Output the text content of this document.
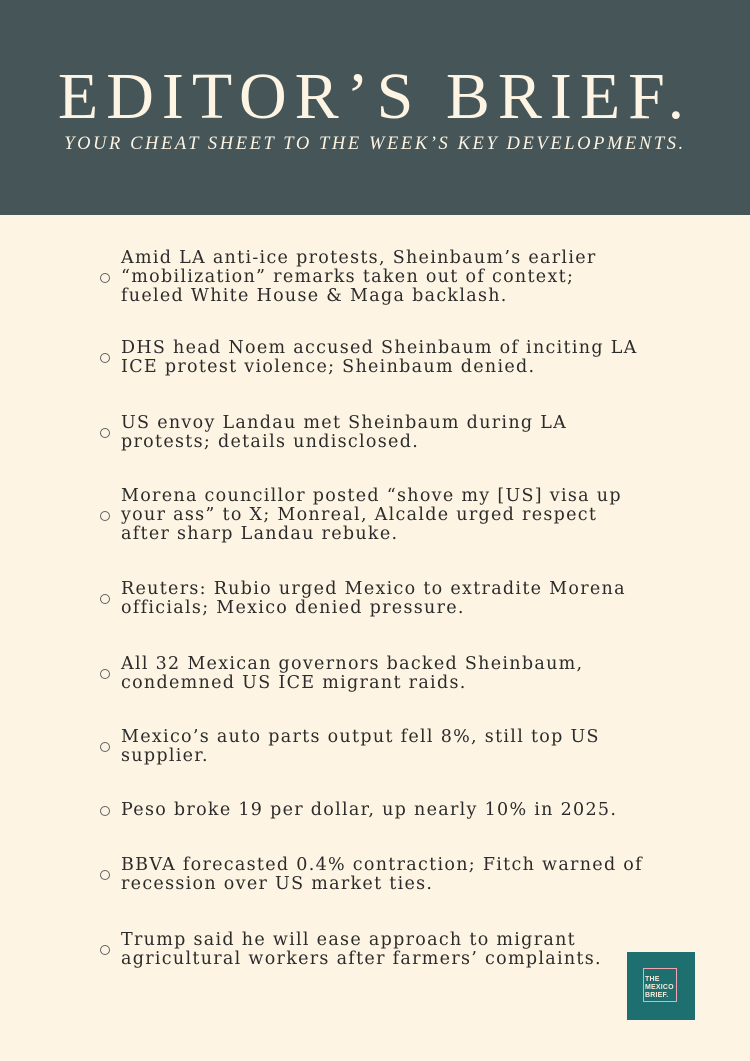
EDITOR’S BRIEF.
YOUR CHEAT SHEET TO THE WEEK’S KEY DEVELOPMENTS.
Amid LA anti-ice protests, Sheinbaum’s earlier
“mobilization” remarks taken out of context;
fueled White House & Maga backlash.
DHS head Noem accused Sheinbaum of inciting LA
ICE protest violence; Sheinbaum denied.
US envoy Landau met Sheinbaum during LA
protests; details undisclosed.
Morena councillor posted “shove my [US] visa up
your ass” to X; Monreal, Alcalde urged respect
after sharp Landau rebuke.
Reuters: Rubio urged Mexico to extradite Morena
officials; Mexico denied pressure.
All 32 Mexican governors backed Sheinbaum,
condemned US ICE migrant raids.
Mexico’s auto parts output fell 8%, still top US
supplier.
Peso broke 19 per dollar, up nearly 10% in 2025.
BBVA forecasted 0.4% contraction; Fitch warned of
recession over US market ties.
Trump said he will ease approach to migrant
agricultural workers after farmers’ complaints.
THE
MEXICO
BRIEF.
